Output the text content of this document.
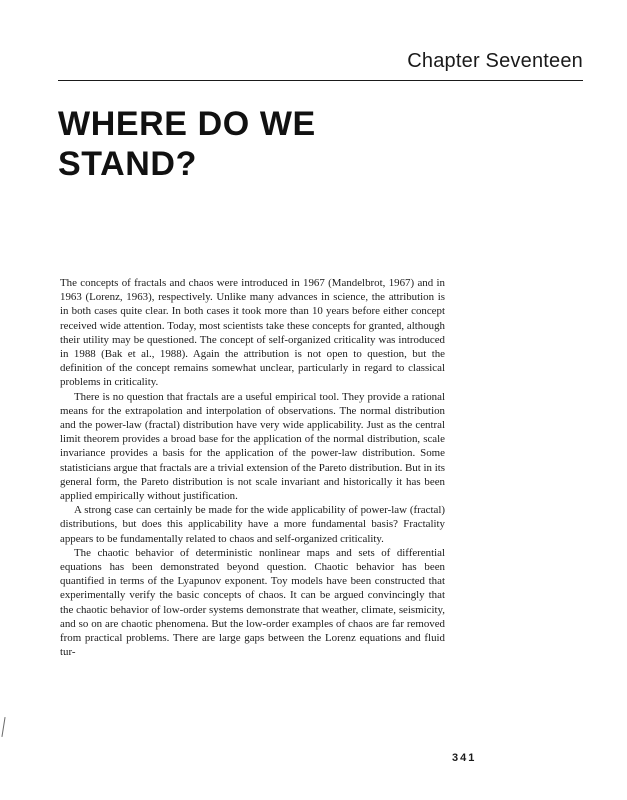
Chapter Seventeen
WHERE DO WE
STAND?

The concepts of fractals and chaos were introduced in 1967 (Mandelbrot, 1967) and in 1963 (Lorenz, 1963), respectively. Unlike many advances in science, the attribution is in both cases quite clear. In both cases it took more than 10 years before either concept received wide attention. Today, most scientists take these concepts for granted, although their utility may be questioned. The concept of self-organized criticality was introduced in 1988 (Bak et al., 1988). Again the attribution is not open to question, but the definition of the concept remains somewhat unclear, particularly in regard to classical problems in criticality.

There is no question that fractals are a useful empirical tool. They provide a rational means for the extrapolation and interpolation of observations. The normal distribution and the power-law (fractal) distribution have very wide applicability. Just as the central limit theorem provides a broad base for the application of the normal distribution, scale invariance provides a basis for the application of the power-law distribution. Some statisticians argue that fractals are a trivial extension of the Pareto distribution. But in its general form, the Pareto distribution is not scale invariant and historically it has been applied empirically without justification.

A strong case can certainly be made for the wide applicability of power-law (fractal) distributions, but does this applicability have a more fundamental basis? Fractality appears to be fundamentally related to chaos and self-organized criticality.

The chaotic behavior of deterministic nonlinear maps and sets of differential equations has been demonstrated beyond question. Chaotic behavior has been quantified in terms of the Lyapunov exponent. Toy models have been constructed that experimentally verify the basic concepts of chaos. It can be argued convincingly that the chaotic behavior of low-order systems demonstrate that weather, climate, seismicity, and so on are chaotic phenomena. But the low-order examples of chaos are far removed from practical problems. There are large gaps between the Lorenz equations and fluid tur-

341
